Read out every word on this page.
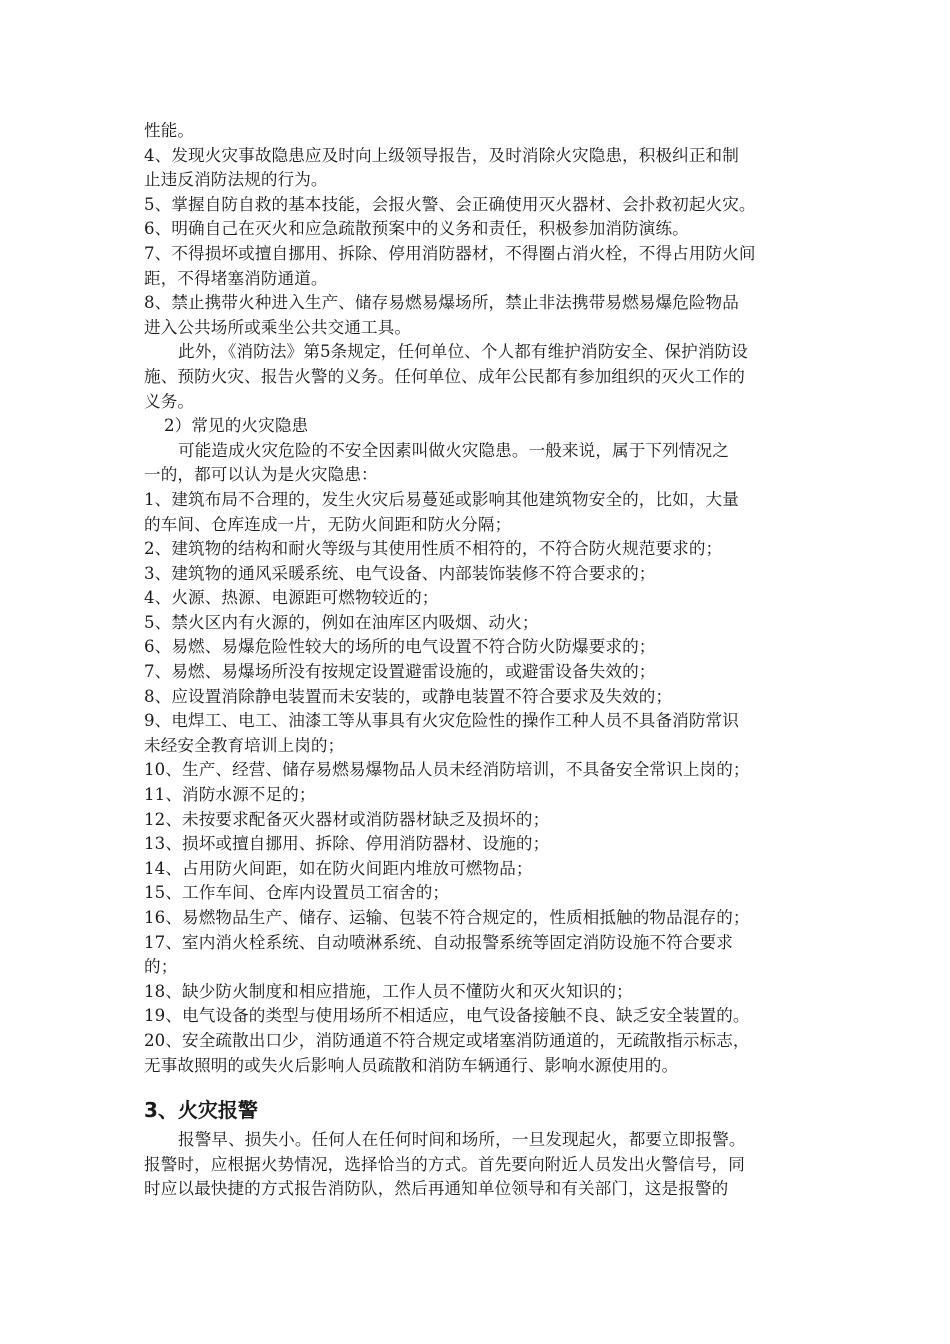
性能。
4、发现火灾事故隐患应及时向上级领导报告，及时消除火灾隐患，积极纠正和制
止违反消防法规的行为。
5、掌握自防自救的基本技能，会报火警、会正确使用灭火器材、会扑救初起火灾。
6、明确自己在灭火和应急疏散预案中的义务和责任，积极参加消防演练。
7、不得损坏或擅自挪用、拆除、停用消防器材，不得圈占消火栓，不得占用防火间
距，不得堵塞消防通道。
8、禁止携带火种进入生产、储存易燃易爆场所，禁止非法携带易燃易爆危险物品
进入公共场所或乘坐公共交通工具。
此外，《消防法》第5条规定，任何单位、个人都有维护消防安全、保护消防设
施、预防火灾、报告火警的义务。任何单位、成年公民都有参加组织的灭火工作的
义务。
2）常见的火灾隐患
可能造成火灾危险的不安全因素叫做火灾隐患。一般来说，属于下列情况之
一的，都可以认为是火灾隐患：
1、建筑布局不合理的，发生火灾后易蔓延或影响其他建筑物安全的，比如，大量
的车间、仓库连成一片，无防火间距和防火分隔；
2、建筑物的结构和耐火等级与其使用性质不相符的，不符合防火规范要求的；
3、建筑物的通风采暖系统、电气设备、内部装饰装修不符合要求的；
4、火源、热源、电源距可燃物较近的；
5、禁火区内有火源的，例如在油库区内吸烟、动火；
6、易燃、易爆危险性较大的场所的电气设置不符合防火防爆要求的；
7、易燃、易爆场所没有按规定设置避雷设施的，或避雷设备失效的；
8、应设置消除静电装置而未安装的，或静电装置不符合要求及失效的；
9、电焊工、电工、油漆工等从事具有火灾危险性的操作工种人员不具备消防常识
未经安全教育培训上岗的；
10、生产、经营、储存易燃易爆物品人员未经消防培训，不具备安全常识上岗的；
11、消防水源不足的；
12、未按要求配备灭火器材或消防器材缺乏及损坏的；
13、损坏或擅自挪用、拆除、停用消防器材、设施的；
14、占用防火间距，如在防火间距内堆放可燃物品；
15、工作车间、仓库内设置员工宿舍的；
16、易燃物品生产、储存、运输、包装不符合规定的，性质相抵触的物品混存的；
17、室内消火栓系统、自动喷淋系统、自动报警系统等固定消防设施不符合要求
的；
18、缺少防火制度和相应措施，工作人员不懂防火和灭火知识的；
19、电气设备的类型与使用场所不相适应，电气设备接触不良、缺乏安全装置的。
20、安全疏散出口少，消防通道不符合规定或堵塞消防通道的，无疏散指示标志，
无事故照明的或失火后影响人员疏散和消防车辆通行、影响水源使用的。
3、火灾报警
报警早、损失小。任何人在任何时间和场所，一旦发现起火，都要立即报警。
报警时，应根据火势情况，选择恰当的方式。首先要向附近人员发出火警信号，同
时应以最快捷的方式报告消防队，然后再通知单位领导和有关部门，这是报警的
